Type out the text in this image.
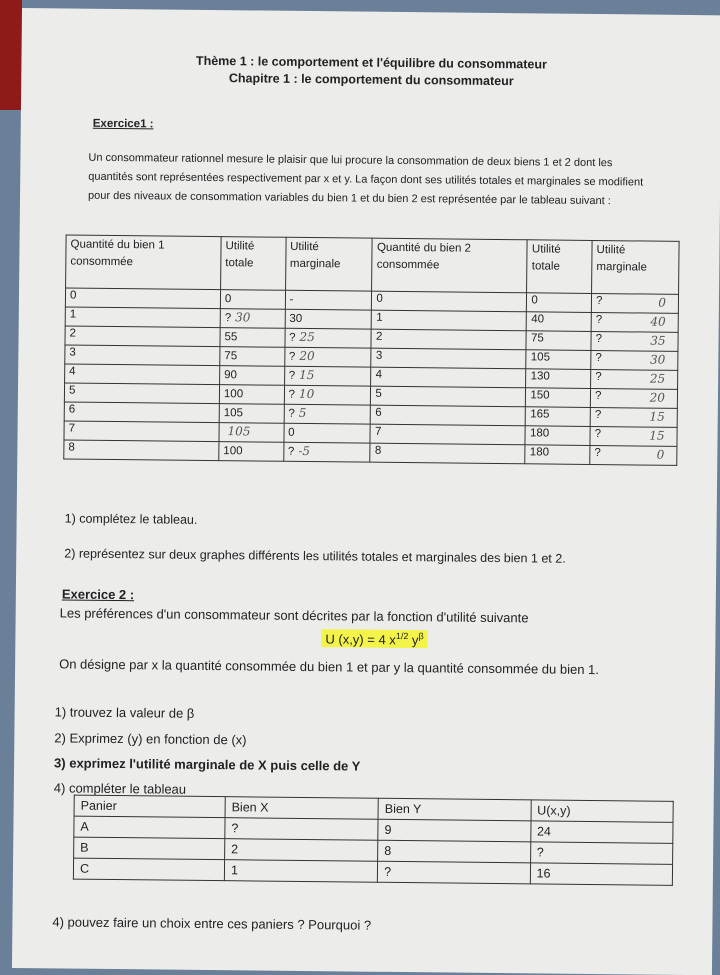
Thème 1 : le comportement et l'équilibre du consommateur
Chapitre 1 : le comportement du consommateur
Exercice1 :
Un consommateur rationnel mesure le plaisir que lui procure la consommation de deux biens 1 et 2 dont les quantités sont représentées respectivement par x et y. La façon dont ses utilités totales et marginales se modifient pour des niveaux de consommation variables du bien 1 et du bien 2 est représentée par le tableau suivant :
Quantité du bien 1 consommée	Utilité totale	Utilité marginale	Quantité du bien 2 consommée	Utilité totale	Utilité marginale
0	0	-	0	0	? 0

1	? 30	30	1	40	? 40

2	55	? 25	2	75	? 35

3	75	? 20	3	105	? 30

4	90	? 15	4	130	? 25

5	100	? 10	5	150	? 20

6	105	? 5	6	165	? 15

7	105	0	7	180	? 15

8	100	? -5	8	180	? 0
1) complétez le tableau.
2) représentez sur deux graphes différents les utilités totales et marginales des bien 1 et 2.
Exercice 2 :
Les préférences d'un consommateur sont décrites par la fonction d'utilité suivante
U (x,y) = 4 $x^{1/2}$ $y^\beta$
On désigne par x la quantité consommée du bien 1 et par y la quantité consommée du bien 1.
1) trouvez la valeur de β
2) Exprimez (y) en fonction de (x)
3) exprimez l'utilité marginale de X puis celle de Y
4) compléter le tableau
Panier	Bien X	Bien Y	U(x,y)
A	?	9	24
B	2	8	?
C	1	?	16
4) pouvez faire un choix entre ces paniers ? Pourquoi ?
